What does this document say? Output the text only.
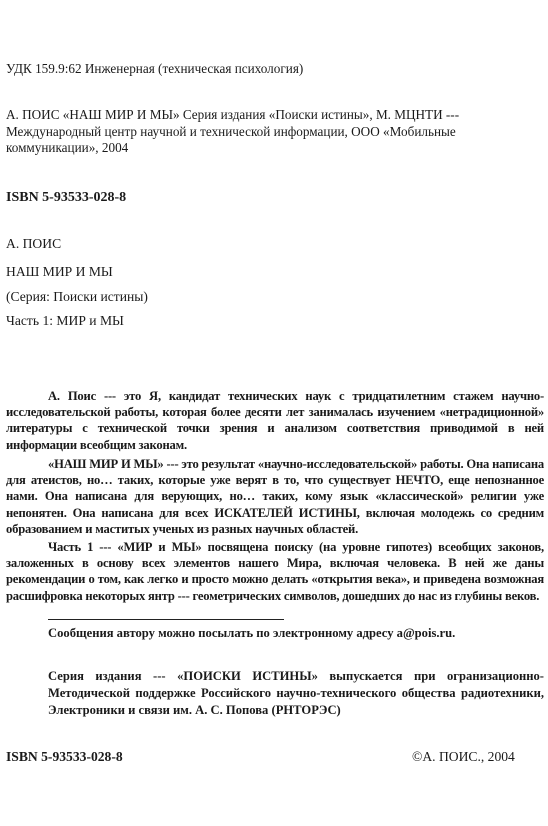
УДК 159.9:62 Инженерная (техническая психология)
А. ПОИС «НАШ МИР И МЫ» Серия издания «Поиски истины», М. МЦНТИ --- Международный центр научной и технической информации, ООО «Мобильные коммуникации», 2004
ISBN 5-93533-028-8
А. ПОИС
НАШ МИР И МЫ
(Серия: Поиски истины)
Часть 1: МИР и МЫ

А. Поис --- это Я, кандидат технических наук с тридцатилетним стажем научно-исследовательской работы, которая более десяти лет занималась изучением «нетрадиционной» литературы с технической точки зрения и анализом соответствия приводимой в ней информации всеобщим законам.

«НАШ МИР И МЫ» --- это результат «научно-исследовательской» работы. Она написана для атеистов, но… таких, которые уже верят в то, что существует НЕЧТО, еще непознанное нами. Она написана для верующих, но… таких, кому язык «классической» религии уже непонятен. Она написана для всех ИСКАТЕЛЕЙ ИСТИНЫ, включая молодежь со средним образованием и маститых ученых из разных научных областей.

Часть 1 --- «МИР и МЫ» посвящена поиску (на уровне гипотез) всеобщих законов, заложенных в основу всех элементов нашего Мира, включая человека. В ней же даны рекомендации о том, как легко и просто можно делать «открытия века», и приведена возможная расшифровка некоторых янтр --- геометрических символов, дошедших до нас из глубины веков.

Сообщения автору можно посылать по электронному адресу a@pois.ru.
Серия издания --- «ПОИСКИ ИСТИНЫ» выпускается при огранизационно-Методической поддержке Российского научно-технического общества радиотехники, Электроники и связи им. А. С. Попова (РНТОРЭС)
ISBN 5-93533-028-8	©А. ПОИС., 2004
